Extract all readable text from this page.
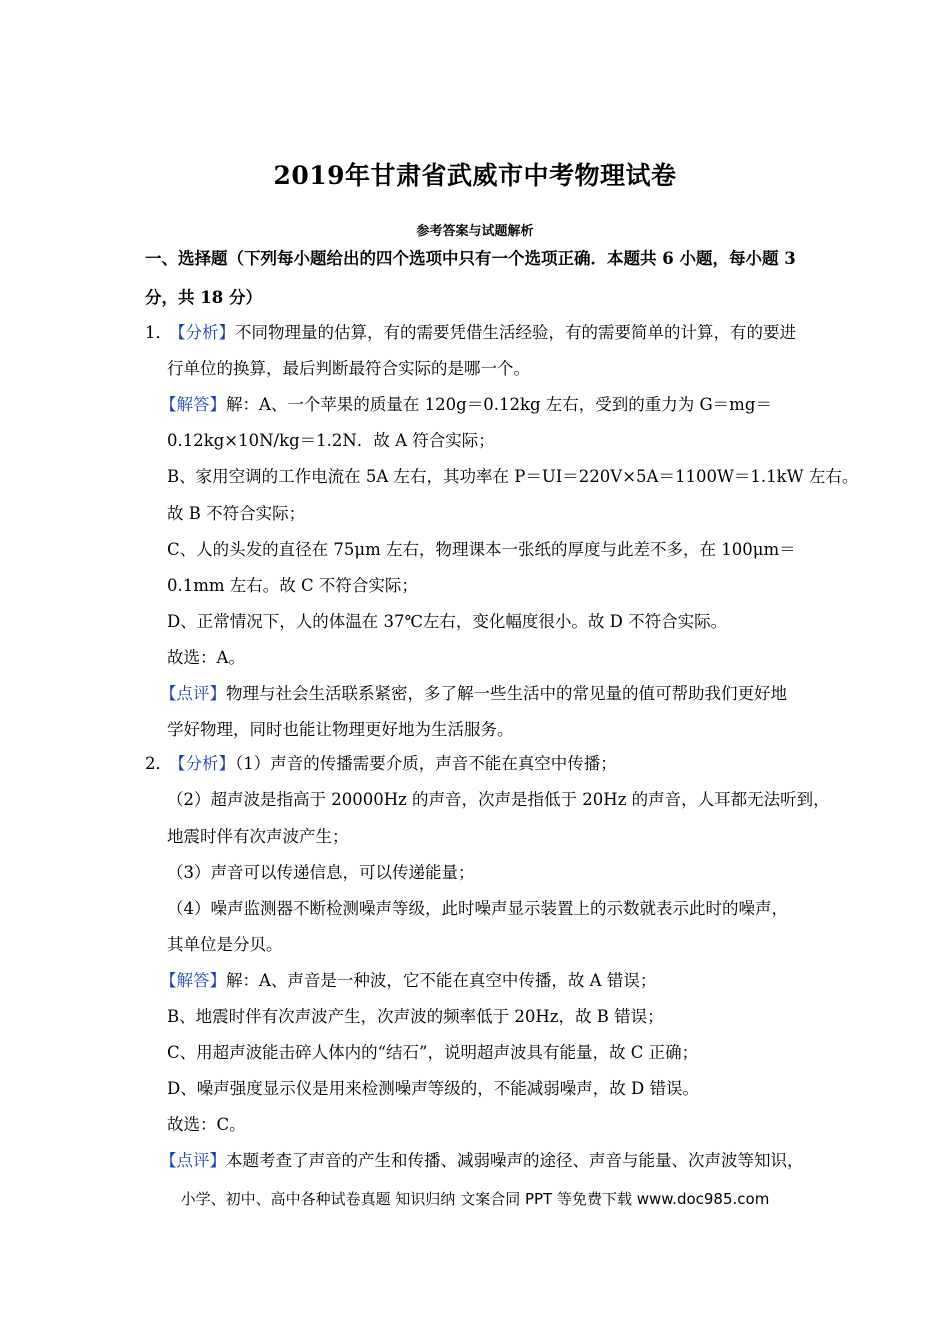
2019年甘肃省武威市中考物理试卷
参考答案与试题解析
一、选择题（下列每小题给出的四个选项中只有一个选项正确．本题共 6 小题，每小题 3
分，共 18 分）
1．【分析】不同物理量的估算，有的需要凭借生活经验，有的需要简单的计算，有的要进
行单位的换算，最后判断最符合实际的是哪一个。
【解答】解：A、一个苹果的质量在 120g＝0.12kg 左右，受到的重力为 G＝mg＝
0.12kg×10N/kg＝1.2N．故 A 符合实际；
B、家用空调的工作电流在 5A 左右，其功率在 P＝UI＝220V×5A＝1100W＝1.1kW 左右。
故 B 不符合实际；
C、人的头发的直径在 75μm 左右，物理课本一张纸的厚度与此差不多，在 100μm＝
0.1mm 左右。故 C 不符合实际；
D、正常情况下，人的体温在 37℃左右，变化幅度很小。故 D 不符合实际。
故选：A。
【点评】物理与社会生活联系紧密，多了解一些生活中的常见量的值可帮助我们更好地
学好物理，同时也能让物理更好地为生活服务。
2．【分析】（1）声音的传播需要介质，声音不能在真空中传播；
（2）超声波是指高于 20000Hz 的声音，次声是指低于 20Hz 的声音，人耳都无法听到，
地震时伴有次声波产生；
（3）声音可以传递信息，可以传递能量；
（4）噪声监测器不断检测噪声等级，此时噪声显示装置上的示数就表示此时的噪声，
其单位是分贝。
【解答】解：A、声音是一种波，它不能在真空中传播，故 A 错误；
B、地震时伴有次声波产生，次声波的频率低于 20Hz，故 B 错误；
C、用超声波能击碎人体内的“结石”，说明超声波具有能量，故 C 正确；
D、噪声强度显示仪是用来检测噪声等级的，不能减弱噪声，故 D 错误。
故选：C。
【点评】本题考查了声音的产生和传播、减弱噪声的途径、声音与能量、次声波等知识，
小学、初中、高中各种试卷真题 知识归纳 文案合同 PPT 等免费下载 www.doc985.com
